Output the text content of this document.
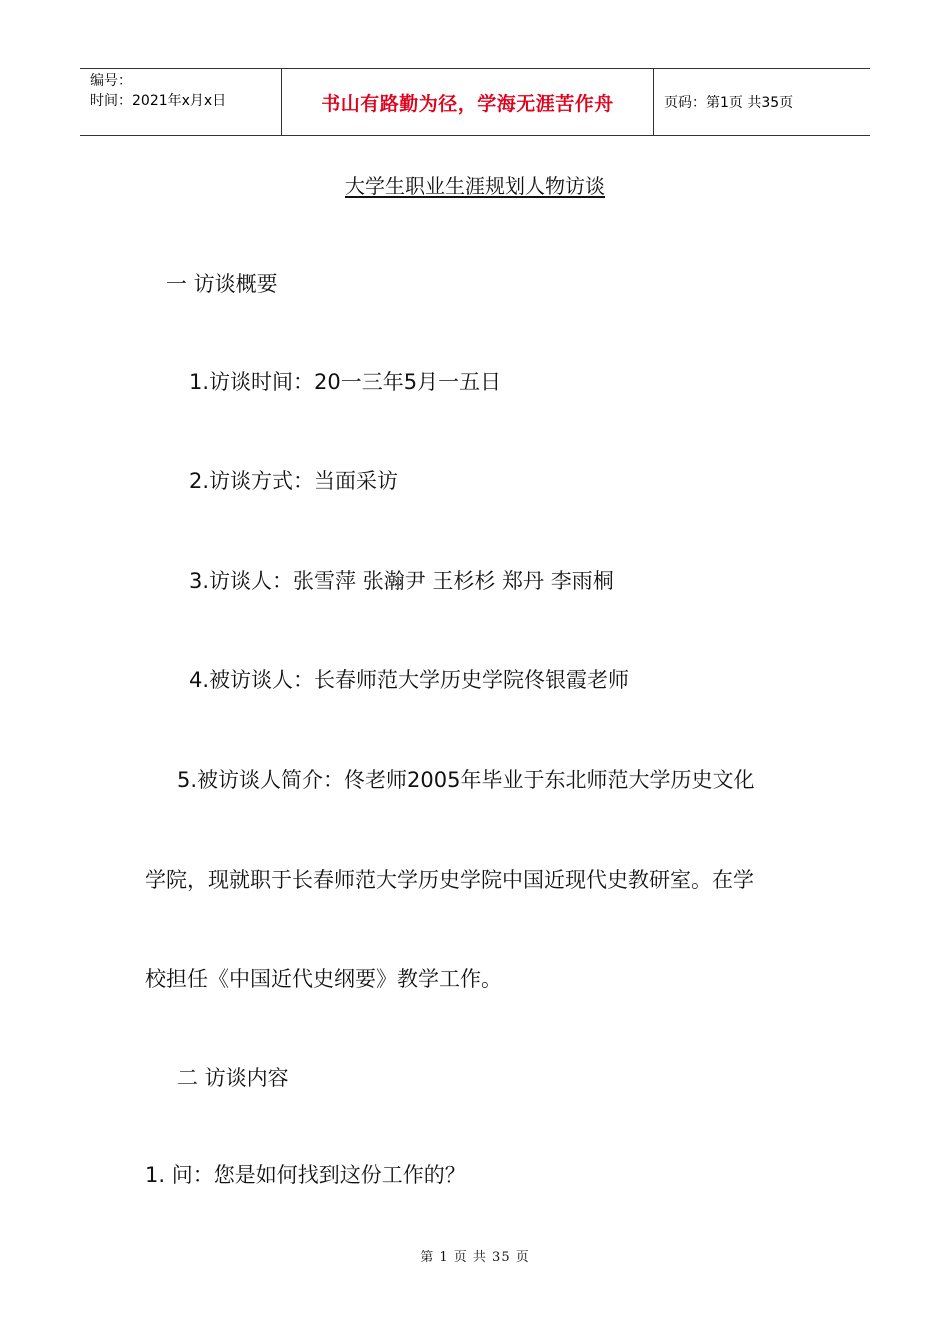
编号：
时间：2021年x月x日	书山有路勤为径，学海无涯苦作舟	页码：第1页 共35页
大学生职业生涯规划人物访谈
一 访谈概要
1.访谈时间：20一三年5月一五日
2.访谈方式：当面采访
3.访谈人：张雪萍 张瀚尹 王杉杉 郑丹 李雨桐
4.被访谈人：长春师范大学历史学院佟银霞老师
5.被访谈人简介：佟老师2005年毕业于东北师范大学历史文化
学院，现就职于长春师范大学历史学院中国近现代史教研室。在学
校担任《中国近代史纲要》教学工作。
二 访谈内容
1. 问：您是如何找到这份工作的？
第 1 页 共 35 页
